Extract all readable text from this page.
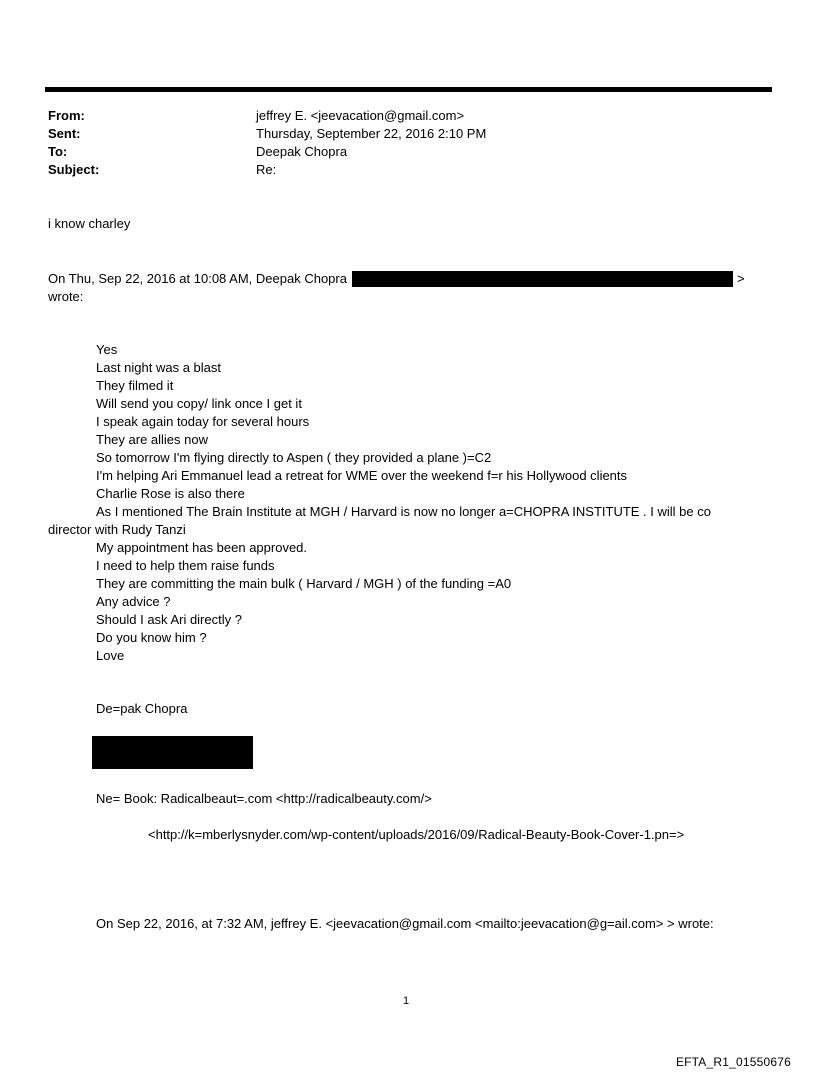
From:	jeffrey E. <jeevacation@gmail.com>
Sent:	Thursday, September 22, 2016 2:10 PM
To:	Deepak Chopra
Subject:	Re:
i know charley
On Thu, Sep 22, 2016 at 10:08 AM, Deepak Chopra	>
wrote:
Yes
Last night was a blast
They filmed it
Will send you copy/ link once I get it
I speak again today for several hours
They are allies now
So tomorrow I'm flying directly to Aspen ( they provided a plane )=C2
I'm helping Ari Emmanuel lead a retreat for WME over the weekend f=r his Hollywood clients
Charlie Rose is also there
As I mentioned The Brain Institute at MGH / Harvard is now no longer a=CHOPRA INSTITUTE . I will be co
director with Rudy Tanzi
My appointment has been approved.
I need to help them raise funds
They are committing the main bulk ( Harvard / MGH ) of the funding =A0
Any advice ?
Should I ask Ari directly ?
Do you know him ?
Love
De=pak Chopra
Ne= Book: Radicalbeaut=.com <http://radicalbeauty.com/>
<http://k=mberlysnyder.com/wp-content/uploads/2016/09/Radical-Beauty-Book-Cover-1.pn=>
On Sep 22, 2016, at 7:32 AM, jeffrey E. <jeevacation@gmail.com <mailto:jeevacation@g=ail.com> > wrote:
1
EFTA_R1_01550676
